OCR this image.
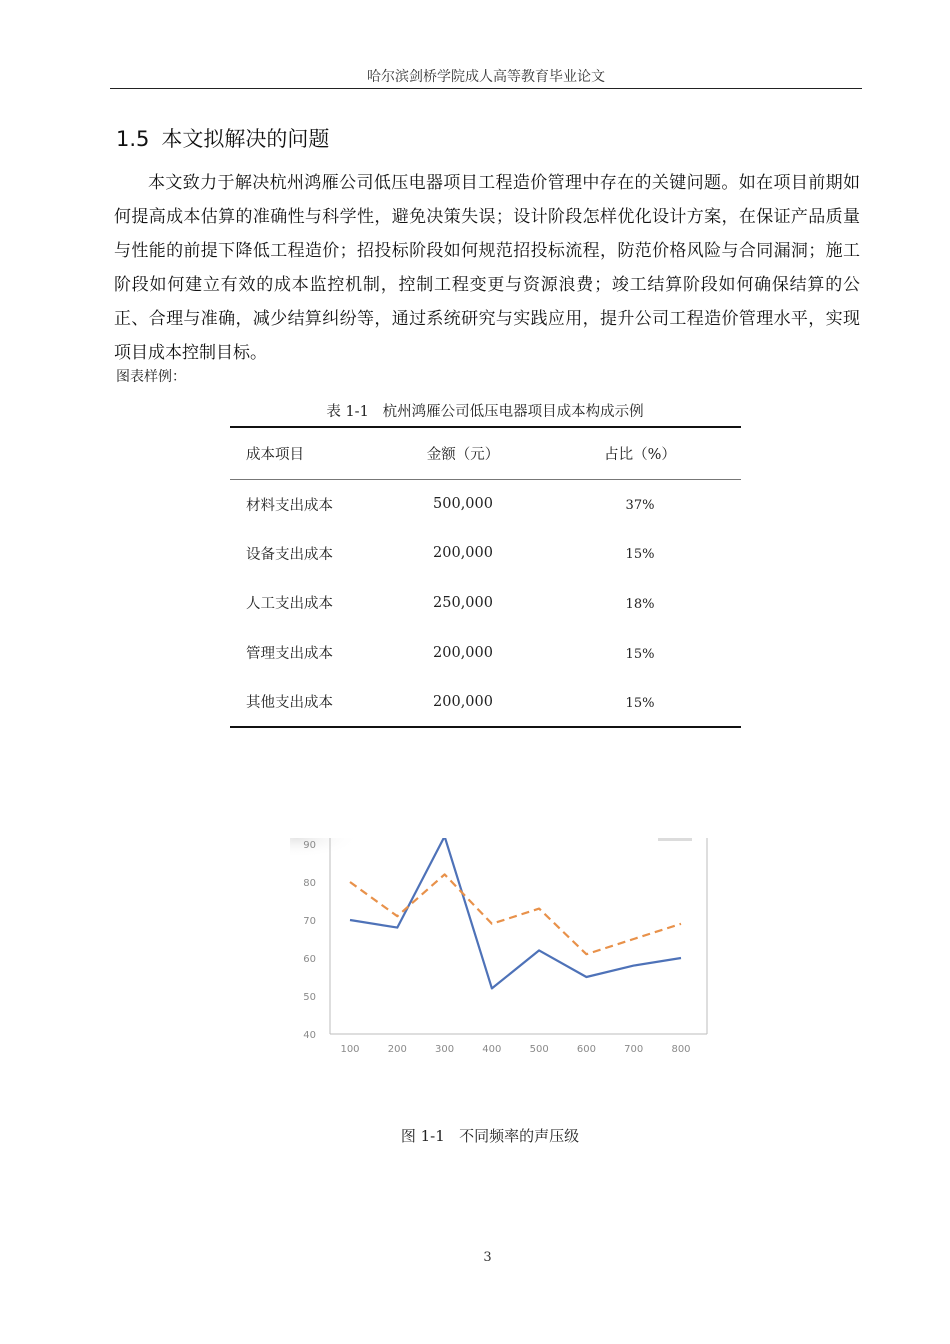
哈尔滨剑桥学院成人高等教育毕业论文
1.5 本文拟解决的问题

本文致力于解决杭州鸿雁公司低压电器项目工程造价管理中存在的关键问题。如在项目前期如何提高成本估算的准确性与科学性，避免决策失误；设计阶段怎样优化设计方案，在保证产品质量与性能的前提下降低工程造价；招投标阶段如何规范招投标流程，防范价格风险与合同漏洞；施工阶段如何建立有效的成本监控机制，控制工程变更与资源浪费；竣工结算阶段如何确保结算的公正、合理与准确，减少结算纠纷等，通过系统研究与实践应用，提升公司工程造价管理水平，实现项目成本控制目标。

图表样例：
表 1-1   杭州鸿雁公司低压电器项目成本构成示例
成本项目	金额（元）	占比（%）
材料支出成本	500,000	37%
设备支出成本	200,000	15%
人工支出成本	250,000	18%
管理支出成本	200,000	15%
其他支出成本	200,000	15%
40
50
60
70
80
90
100	200	300	400	500	600	700	800
图 1-1   不同频率的声压级
3
